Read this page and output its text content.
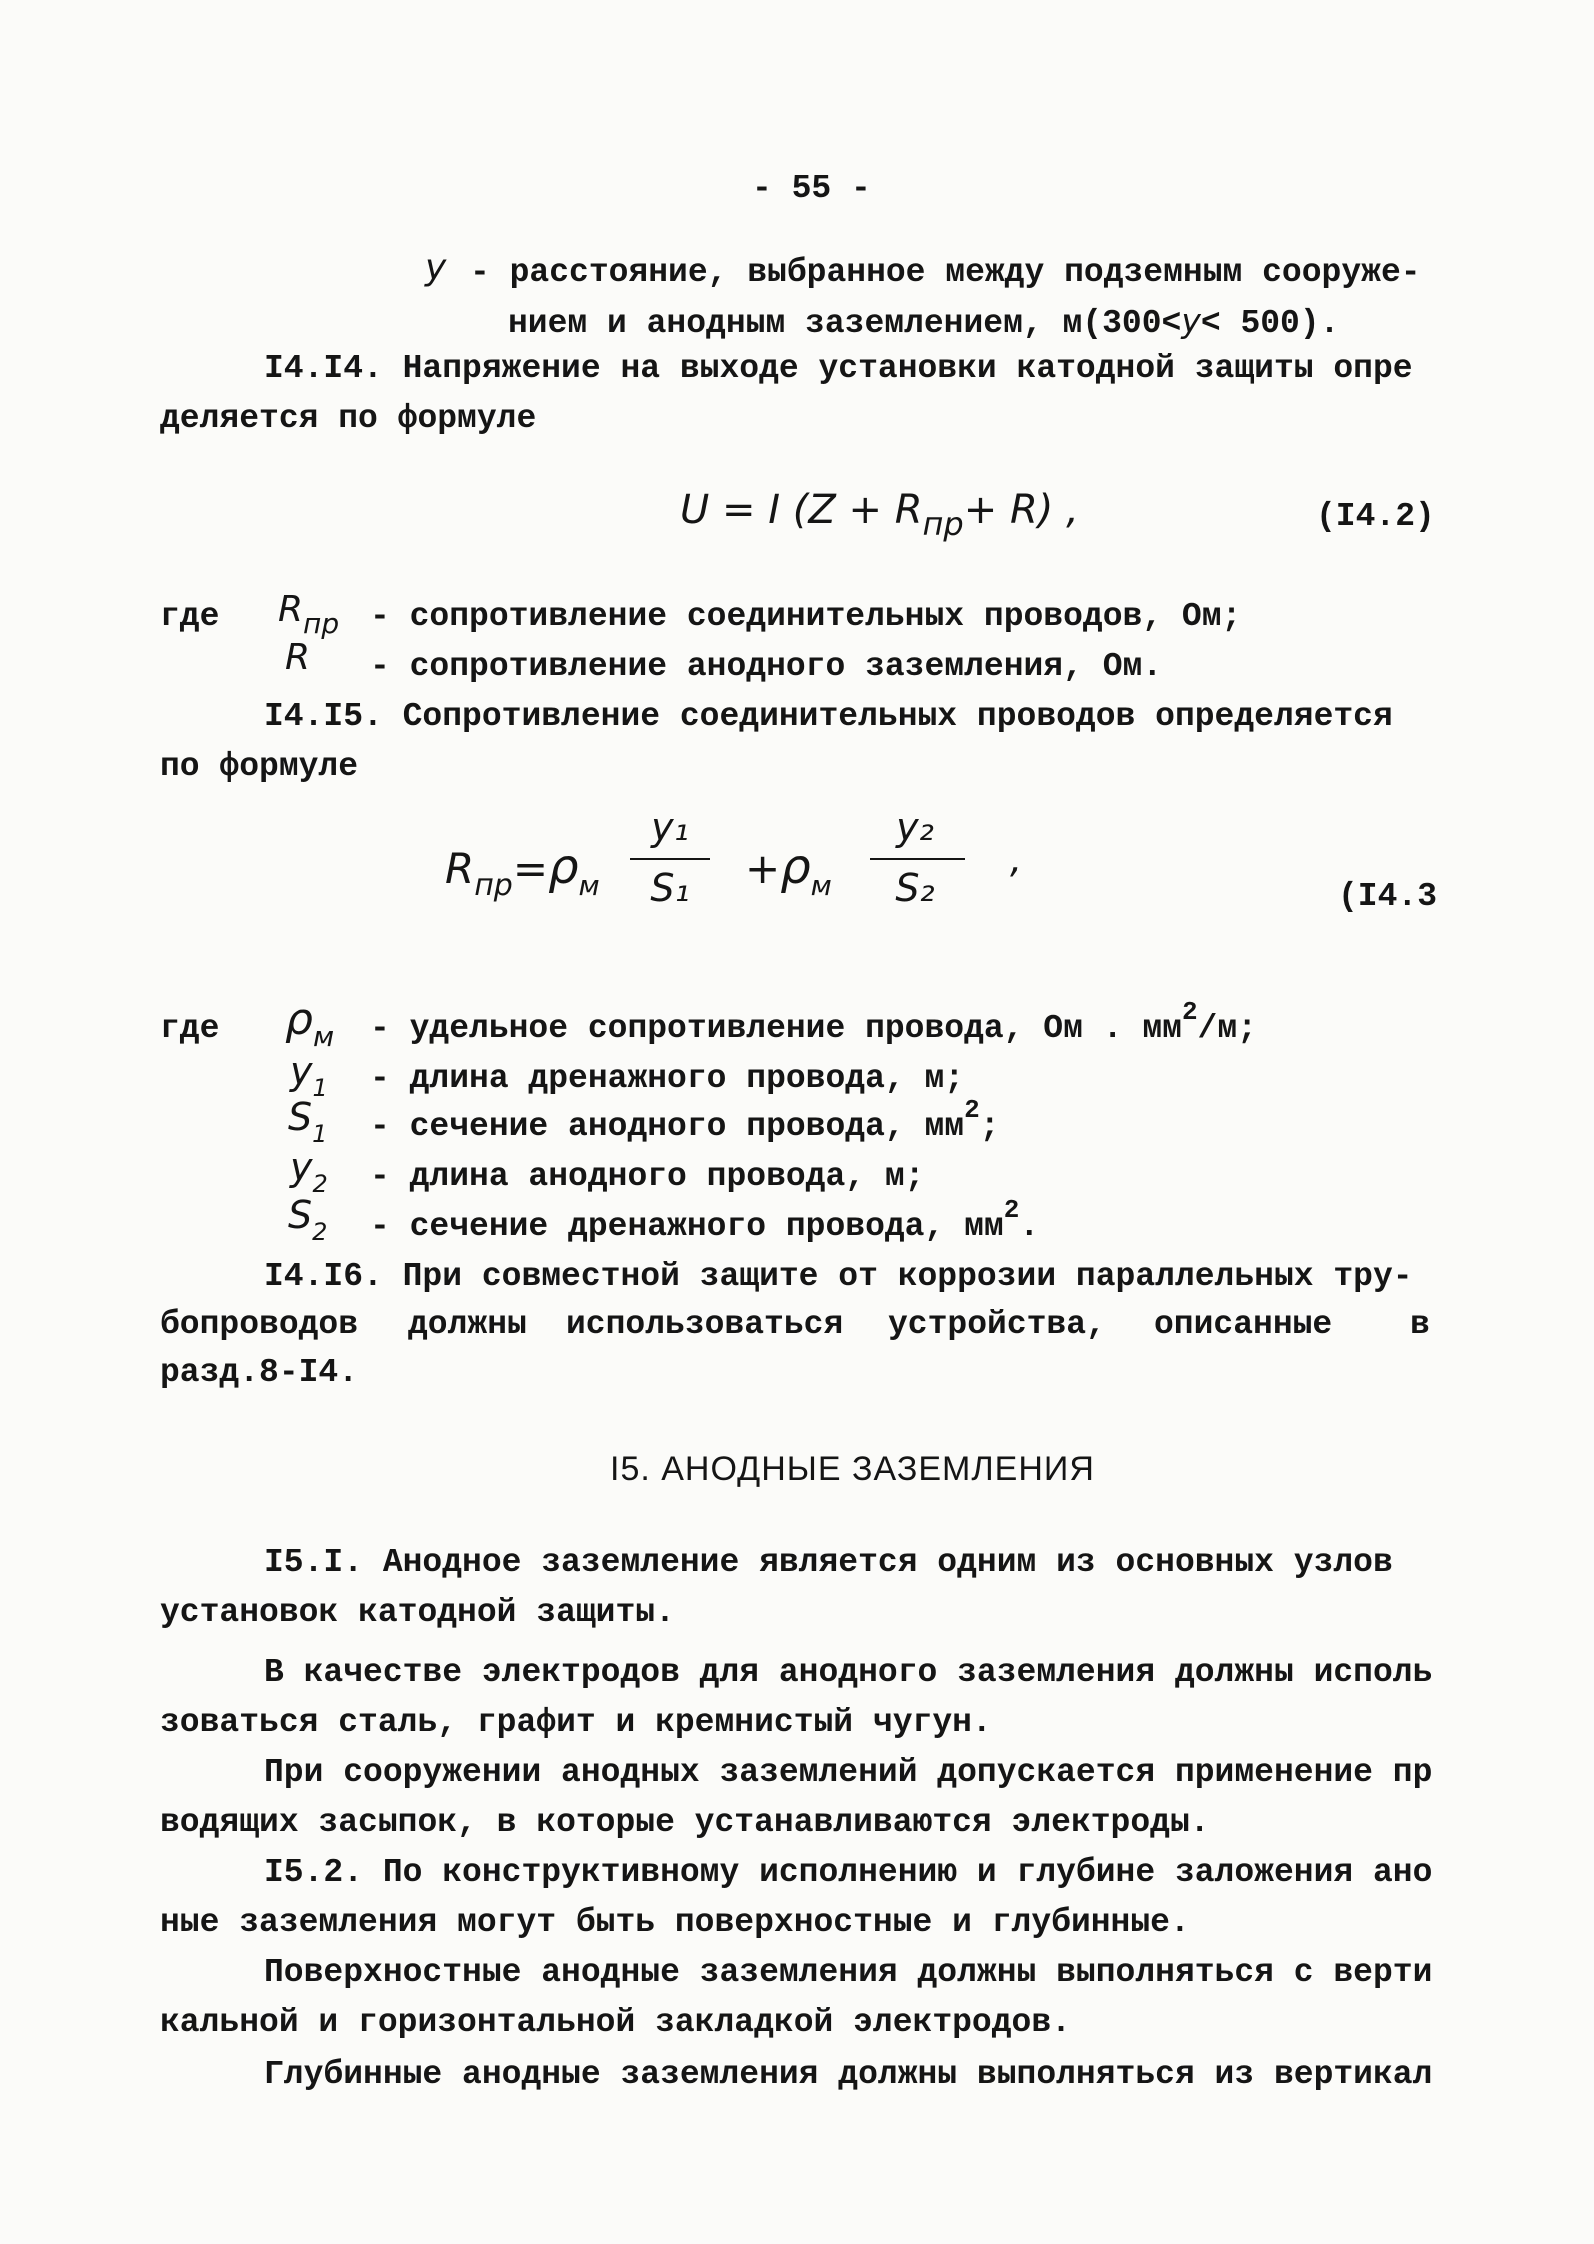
- 55 -
y - расстояние, выбранное между подземным сооруже-
нием и анодным заземлением, м(300<y< 500).
I4.I4. Напряжение на выходе установки катодной защиты опре
деляется по формуле
U = I $(Z + R_{пр}+ R)$ ,	(I4.2)
где $R_{пр}$ - сопротивление соединительных проводов, Ом;
R - сопротивление анодного заземления, Ом.
I4.I5. Сопротивление соединительных проводов определяется
по формуле
$R_{пр}=\rho_м$
y₁
$S_1 +\rho_м$
y₂
S₂
,
(I4.3
где $\rho_м$ - удельное сопротивление провода, Ом . $мм^2/м$;
$y_1$ - длина дренажного провода, м;
$S_1$ - сечение анодного провода, $мм^2$;
$y_2$ - длина анодного провода, м;
$S_2$ - сечение дренажного провода, $мм^2$.
I4.I6. При совместной защите от коррозии параллельных тру-
бопроводов должны использоваться устройства, описанные в
разд.8-I4.
I5. АНОДНЫЕ ЗАЗЕМЛЕНИЯ
I5.I. Анодное заземление является одним из основных узлов
установок катодной защиты.
В качестве электродов для анодного заземления должны исполь
зоваться сталь, графит и кремнистый чугун.
При сооружении анодных заземлений допускается применение пр
водящих засыпок, в которые устанавливаются электроды.
I5.2. По конструктивному исполнению и глубине заложения ано
ные заземления могут быть поверхностные и глубинные.
Поверхностные анодные заземления должны выполняться с верти
кальной и горизонтальной закладкой электродов.
Глубинные анодные заземления должны выполняться из вертикал
